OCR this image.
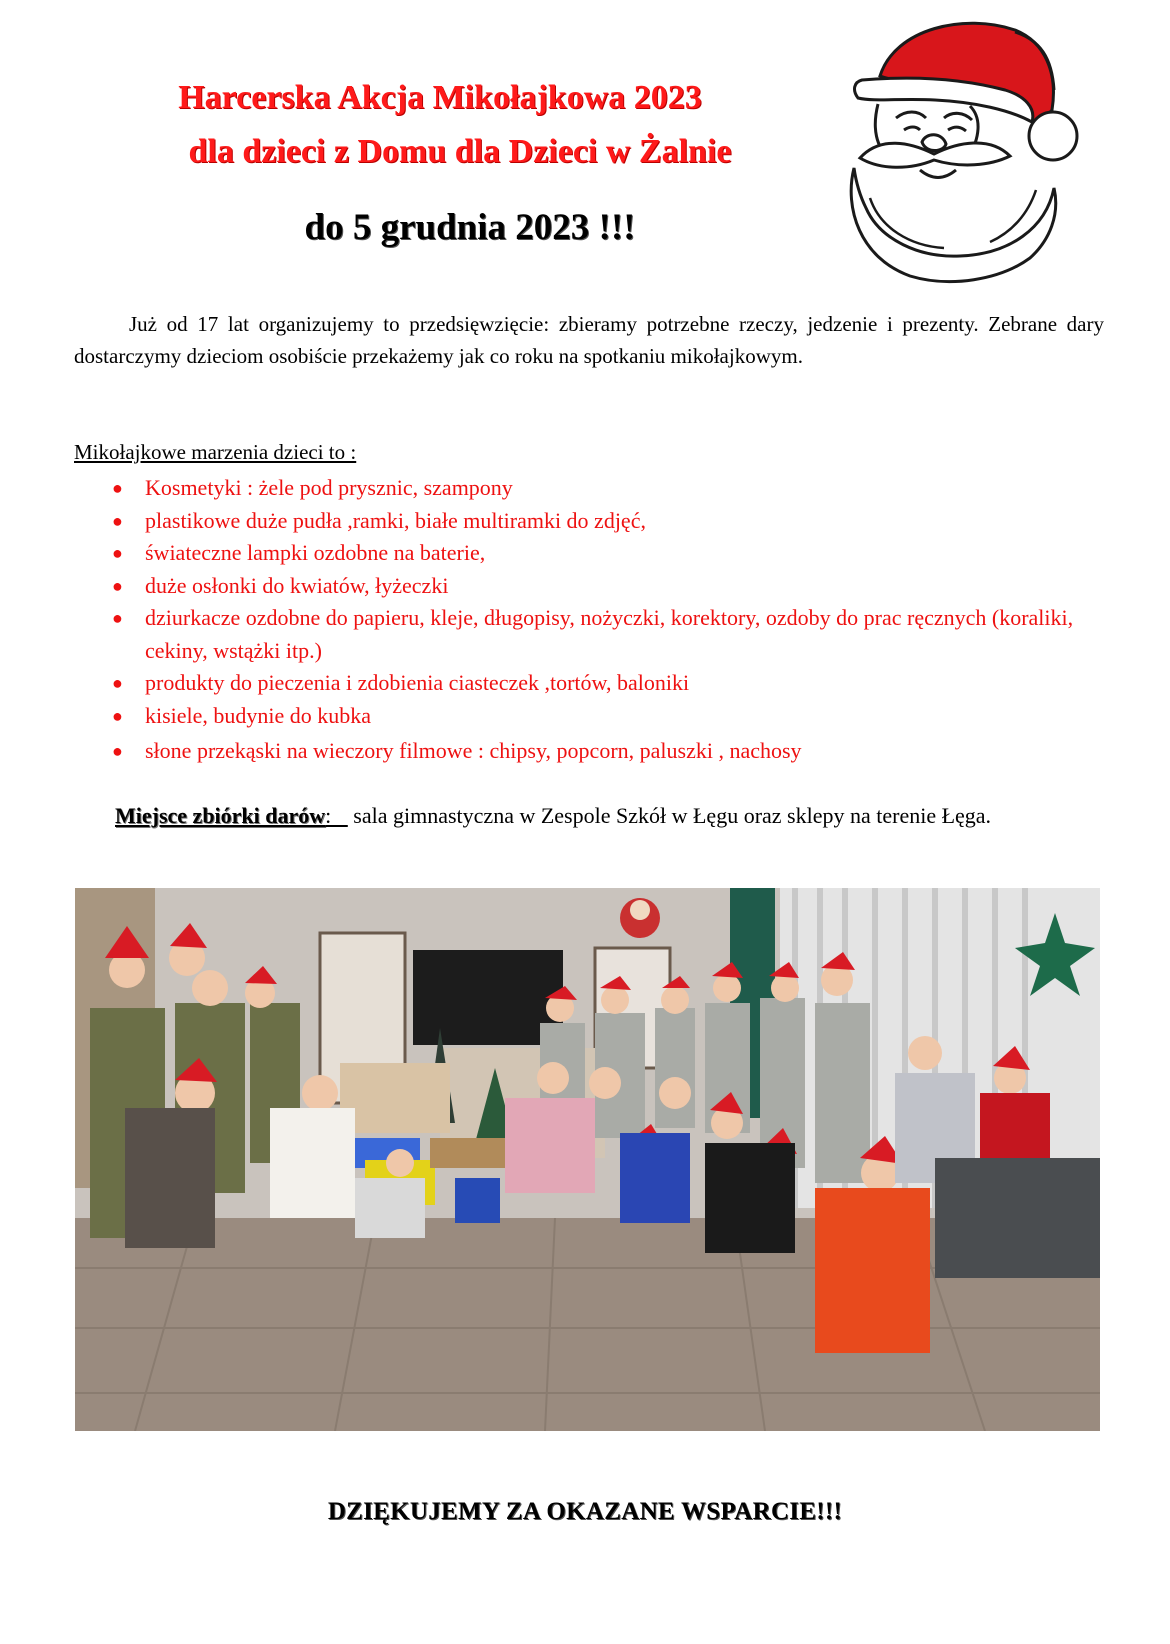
Harcerska Akcja Mikołajkowa 2023
dla dzieci z Domu dla Dzieci w Żalnie
do 5 grudnia 2023 !!!

Już od 17 lat organizujemy to przedsięwzięcie: zbieramy potrzebne rzeczy, jedzenie i prezenty. Zebrane dary dostarczymy dzieciom osobiście przekażemy jak co roku na spotkaniu mikołajkowym.

Mikołajkowe marzenia dzieci to :
● Kosmetyki : żele pod prysznic, szampony
● plastikowe duże pudła ,ramki, białe multiramki do zdjęć,
● świateczne lampki ozdobne na baterie,
● duże osłonki do kwiatów, łyżeczki
● dziurkacze ozdobne do papieru, kleje, długopisy, nożyczki, korektory, ozdoby do prac ręcznych (koraliki, cekiny, wstążki itp.)
● produkty do pieczenia i zdobienia ciasteczek ,tortów, baloniki
● kisiele, budynie do kubka
● słone przekąski na wieczory filmowe : chipsy, popcorn, paluszki , nachosy
Miejsce zbiórki darów:    sala gimnastyczna w Zespole Szkół w Łęgu oraz sklepy na terenie Łęga.
DZIĘKUJEMY ZA OKAZANE WSPARCIE!!!
